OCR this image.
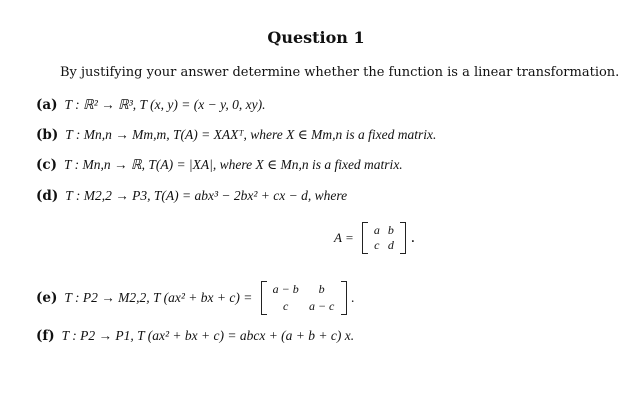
Question 1
By justifying your answer determine whether the function is a linear transformation.
(a) T : ℝ² → ℝ³, T (x, y) = (x − y, 0, xy).
(b) T : Mn,n → Mm,m, T(A) = XAXᵀ, where X ∈ Mm,n is a fixed matrix.
(c) T : Mn,n → ℝ, T(A) = |XA|, where X ∈ Mn,n is a fixed matrix.
(d) T : M2,2 → P3, T(A) = abx³ − 2bx² + cx − d, where
A =	a b
c d .
(e) T : P2 → M2,2, T (ax² + bx + c) =
a − b	b
c	a − c
.
(f) T : P2 → P1, T (ax² + bx + c) = abcx + (a + b + c) x.
